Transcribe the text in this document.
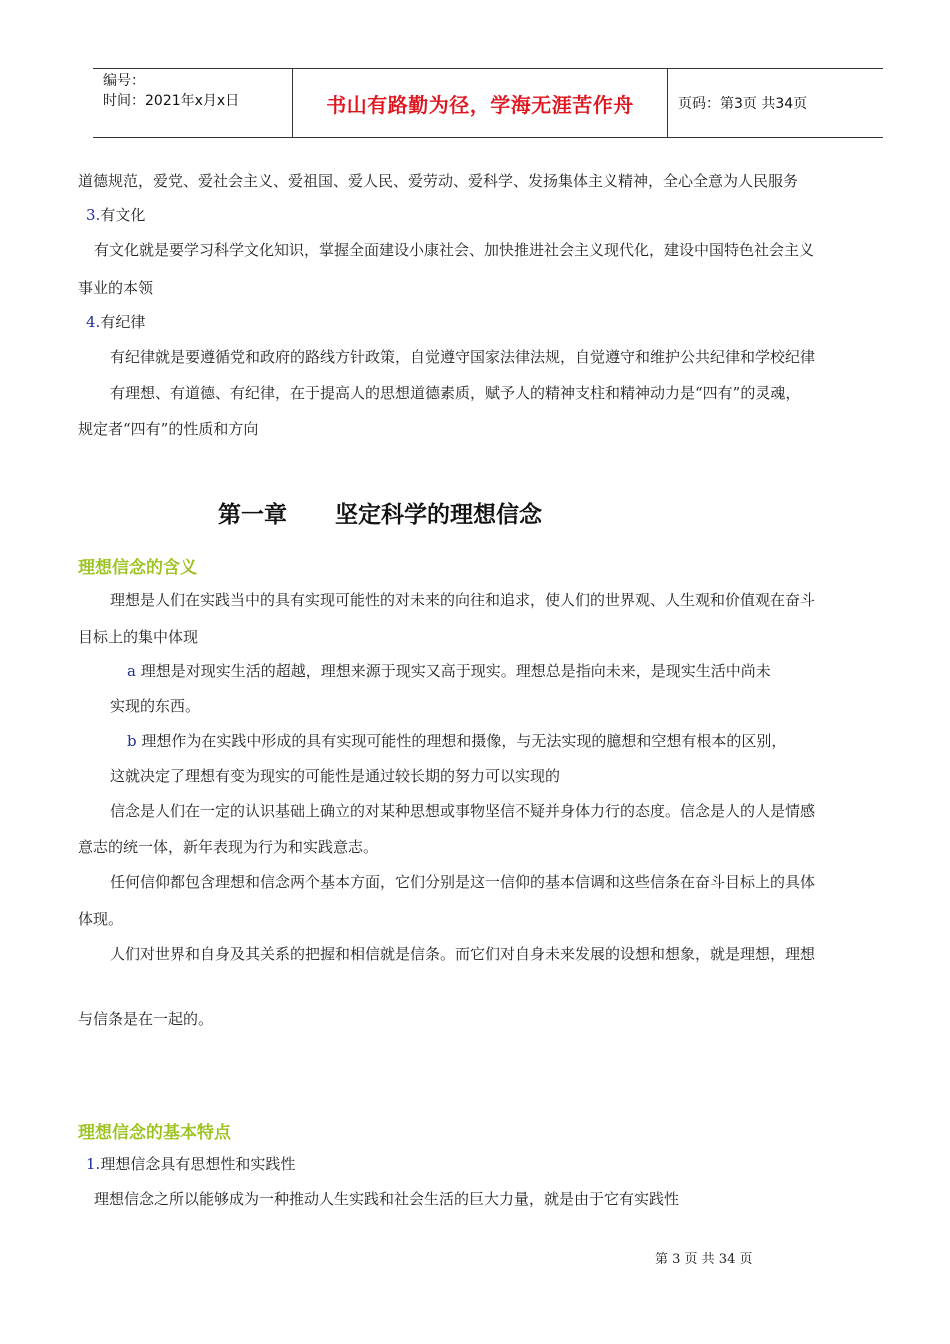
编号：
时间：2021年x月x日	书山有路勤为径，学海无涯苦作舟	页码：第3页 共34页
道德规范，爱党、爱社会主义、爱祖国、爱人民、爱劳动、爱科学、发扬集体主义精神，全心全意为人民服务
3.有文化
有文化就是要学习科学文化知识，掌握全面建设小康社会、加快推进社会主义现代化，建设中国特色社会主义
事业的本领
4.有纪律
有纪律就是要遵循党和政府的路线方针政策，自觉遵守国家法律法规，自觉遵守和维护公共纪律和学校纪律
有理想、有道德、有纪律，在于提高人的思想道德素质，赋予人的精神支柱和精神动力是“四有”的灵魂，
规定者“四有”的性质和方向
第一章      坚定科学的理想信念
理想信念的含义
理想是人们在实践当中的具有实现可能性的对未来的向往和追求，使人们的世界观、人生观和价值观在奋斗
目标上的集中体现
a 理想是对现实生活的超越，理想来源于现实又高于现实。理想总是指向未来，是现实生活中尚未
实现的东西。
b 理想作为在实践中形成的具有实现可能性的理想和摄像，与无法实现的臆想和空想有根本的区别，
这就决定了理想有变为现实的可能性是通过较长期的努力可以实现的
信念是人们在一定的认识基础上确立的对某种思想或事物坚信不疑并身体力行的态度。信念是人的人是情感
意志的统一体，新年表现为行为和实践意志。
任何信仰都包含理想和信念两个基本方面，它们分别是这一信仰的基本信调和这些信条在奋斗目标上的具体
体现。
人们对世界和自身及其关系的把握和相信就是信条。而它们对自身未来发展的设想和想象，就是理想，理想
与信条是在一起的。
理想信念的基本特点
1.理想信念具有思想性和实践性
理想信念之所以能够成为一种推动人生实践和社会生活的巨大力量，就是由于它有实践性
第 3 页 共 34 页
